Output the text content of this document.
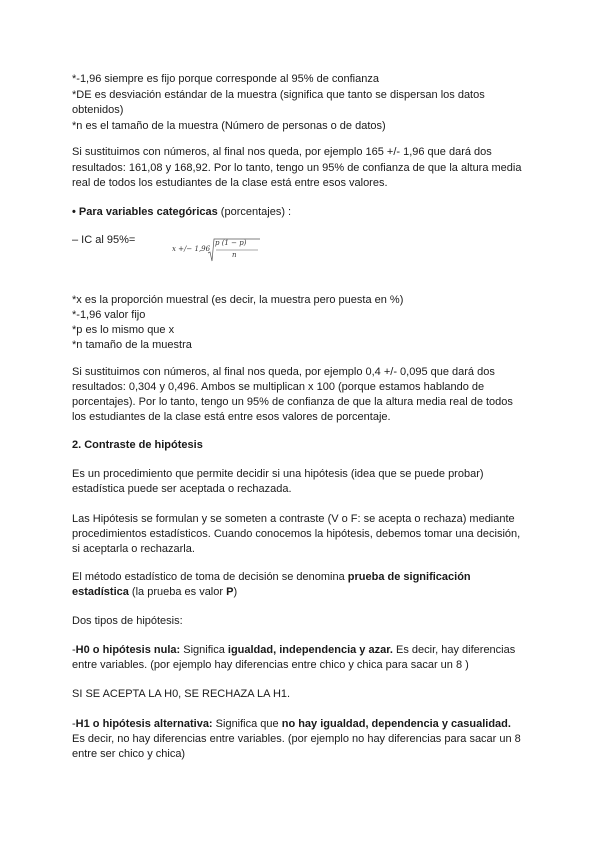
*-1,96 siempre es fijo porque corresponde al 95% de confianza
*DE es desviación estándar de la muestra (significa que tanto se dispersan los datos
obtenidos)
*n es el tamaño de la muestra (Número de personas o de datos)
Si sustituimos con números, al final nos queda, por ejemplo 165 +/- 1,96 que dará dos
resultados: 161,08 y 168,92. Por lo tanto, tengo un 95% de confianza de que la altura media
real de todos los estudiantes de la clase está entre esos valores.
• Para variables categóricas (porcentajes) :
– IC al 95%=
x +/− 1,96
p (1 − p)
n
*x es la proporción muestral (es decir, la muestra pero puesta en %)
*-1,96 valor fijo
*p es lo mismo que x
*n tamaño de la muestra
Si sustituimos con números, al final nos queda, por ejemplo 0,4 +/- 0,095 que dará dos
resultados: 0,304 y 0,496. Ambos se multiplican x 100 (porque estamos hablando de
porcentajes). Por lo tanto, tengo un 95% de confianza de que la altura media real de todos
los estudiantes de la clase está entre esos valores de porcentaje.
2. Contraste de hipótesis
Es un procedimiento que permite decidir si una hipótesis (idea que se puede probar)
estadística puede ser aceptada o rechazada.
Las Hipótesis se formulan y se someten a contraste (V o F: se acepta o rechaza) mediante
procedimientos estadísticos. Cuando conocemos la hipótesis, debemos tomar una decisión,
si aceptarla o rechazarla.
El método estadístico de toma de decisión se denomina prueba de significación
estadística (la prueba es valor P)
Dos tipos de hipótesis:
-H0 o hipótesis nula: Significa igualdad, independencia y azar. Es decir, hay diferencias
entre variables. (por ejemplo hay diferencias entre chico y chica para sacar un 8 )
SI SE ACEPTA LA H0, SE RECHAZA LA H1.
-H1 o hipótesis alternativa: Significa que no hay igualdad, dependencia y casualidad.
Es decir, no hay diferencias entre variables. (por ejemplo no hay diferencias para sacar un 8
entre ser chico y chica)
